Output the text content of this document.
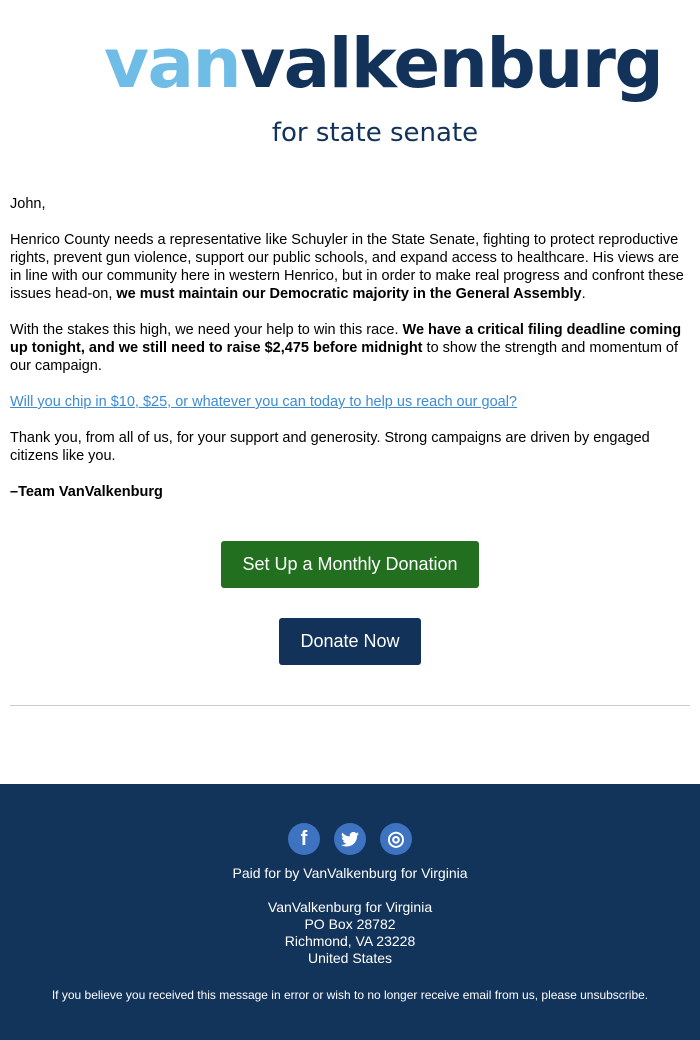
vanvalkenburg
for state senate

John,

Henrico County needs a representative like Schuyler in the State Senate, fighting to protect reproductive rights, prevent gun violence, support our public schools, and expand access to healthcare. His views are in line with our community here in western Henrico, but in order to make real progress and confront these issues head-on, we must maintain our Democratic majority in the General Assembly.

With the stakes this high, we need your help to win this race. We have a critical filing deadline coming up tonight, and we still need to raise $2,475 before midnight to show the strength and momentum of our campaign.

Will you chip in $10, $25, or whatever you can today to help us reach our goal?

Thank you, from all of us, for your support and generosity. Strong campaigns are driven by engaged citizens like you.

–Team VanValkenburg

Set Up a Monthly Donation
Donate Now
f	◎
Paid for by VanValkenburg for Virginia
VanValkenburg for Virginia
PO Box 28782
Richmond, VA 23228
United States
If you believe you received this message in error or wish to no longer receive email from us, please unsubscribe.
